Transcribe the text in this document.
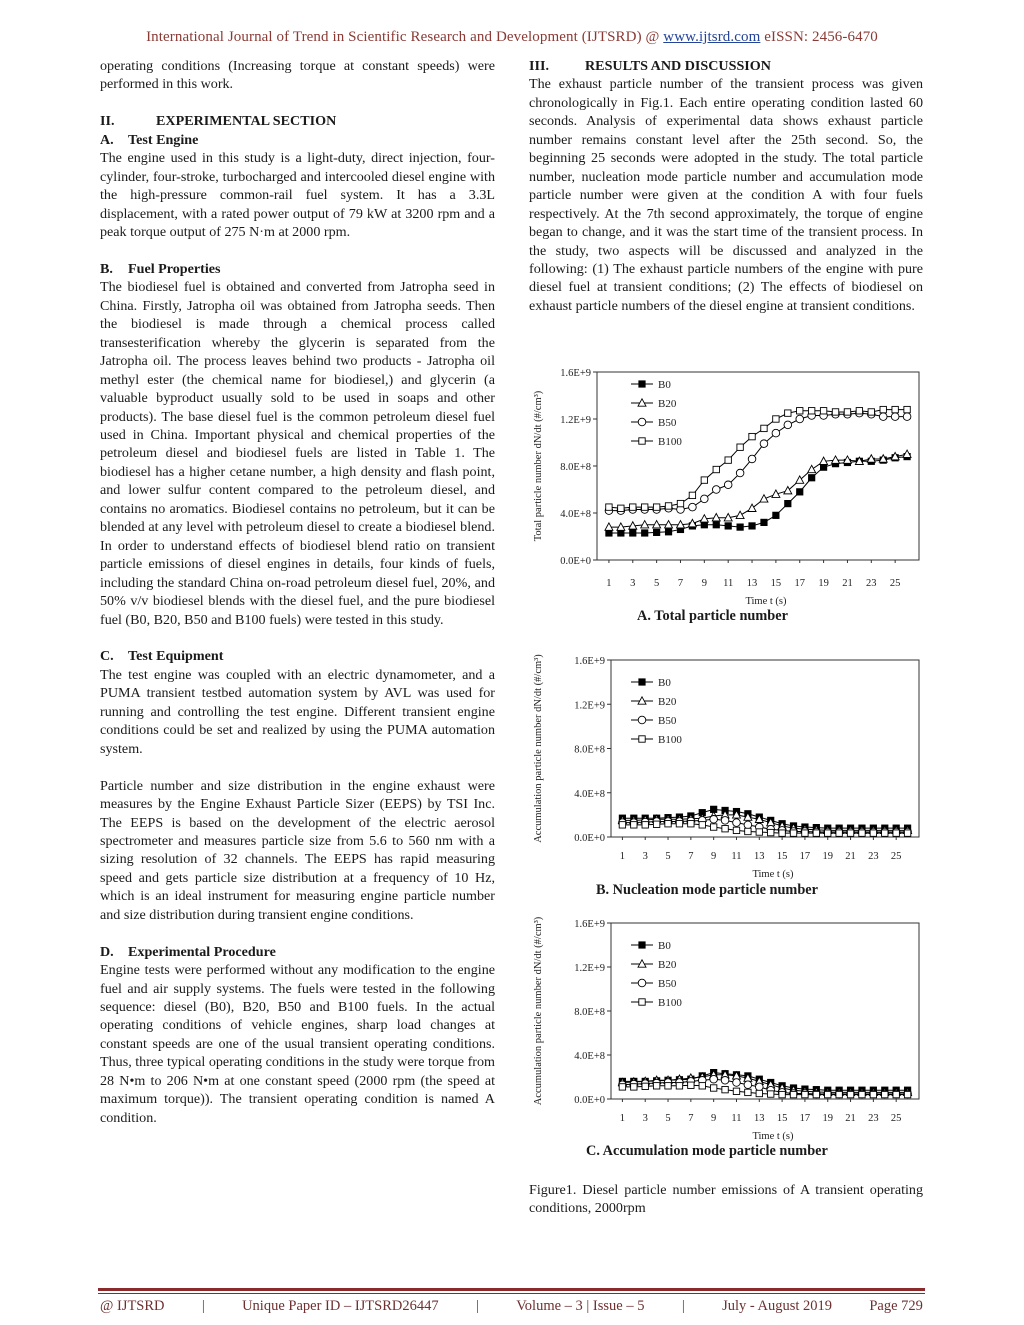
International Journal of Trend in Scientific Research and Development (IJTSRD) @ www.ijtsrd.com eISSN: 2456-6470

operating conditions (Increasing torque at constant speeds) were performed in this work.

II.	EXPERIMENTAL SECTION

A. Test Engine

The engine used in this study is a light-duty, direct injection, four-cylinder, four-stroke, turbocharged and intercooled diesel engine with the high-pressure common-rail fuel system. It has a 3.3L displacement, with a rated power output of 79 kW at 3200 rpm and a peak torque output of 275 N·m at 2000 rpm.

B. Fuel Properties

The biodiesel fuel is obtained and converted from Jatropha seed in China. Firstly, Jatropha oil was obtained from Jatropha seeds. Then the biodiesel is made through a chemical process called transesterification whereby the glycerin is separated from the Jatropha oil. The process leaves behind two products - Jatropha oil methyl ester (the chemical name for biodiesel,) and glycerin (a valuable byproduct usually sold to be used in soaps and other products). The base diesel fuel is the common petroleum diesel fuel used in China. Important physical and chemical properties of the petroleum diesel and biodiesel fuels are listed in Table 1. The biodiesel has a higher cetane number, a high density and flash point, and lower sulfur content compared to the petroleum diesel, and contains no aromatics. Biodiesel contains no petroleum, but it can be blended at any level with petroleum diesel to create a biodiesel blend. In order to understand effects of biodiesel blend ratio on transient particle emissions of diesel engines in details, four kinds of fuels, including the standard China on-road petroleum diesel fuel, 20%, and 50% v/v biodiesel blends with the diesel fuel, and the pure biodiesel fuel (B0, B20, B50 and B100 fuels) were tested in this study.

C. Test Equipment

The test engine was coupled with an electric dynamometer, and a PUMA transient testbed automation system by AVL was used for running and controlling the test engine. Different transient engine conditions could be set and realized by using the PUMA automation system.

Particle number and size distribution in the engine exhaust were measures by the Engine Exhaust Particle Sizer (EEPS) by TSI Inc. The EEPS is based on the development of the electric aerosol spectrometer and measures particle size from 5.6 to 560 nm with a sizing resolution of 32 channels. The EEPS has rapid measuring speed and gets particle size distribution at a frequency of 10 Hz, which is an ideal instrument for measuring engine particle number and size distribution during transient engine conditions.

D. Experimental Procedure

Engine tests were performed without any modification to the engine fuel and air supply systems. The fuels were tested in the following sequence: diesel (B0), B20, B50 and B100 fuels. In the actual operating conditions of vehicle engines, sharp load changes at constant speeds are one of the usual transient operating conditions. Thus, three typical operating conditions in the study were torque from 28 N•m to 206 N•m at one constant speed (2000 rpm (the speed at maximum torque)). The transient operating condition is named A condition.

III.	RESULTS AND DISCUSSION

The exhaust particle number of the transient process was given chronologically in Fig.1. Each entire operating condition lasted 60 seconds. Analysis of experimental data shows exhaust particle number remains constant level after the 25th second. So, the beginning 25 seconds were adopted in the study. The total particle number, nucleation mode particle number and accumulation mode particle number were given at the condition A with four fuels respectively. At the 7th second approximately, the torque of engine began to change, and it was the start time of the transient process. In the study, two aspects will be discussed and analyzed in the following: (1) The exhaust particle numbers of the engine with pure diesel fuel at transient conditions; (2) The effects of biodiesel on exhaust particle numbers of the diesel engine at transient conditions.

0.0E+0
4.0E+8
8.0E+8
1.2E+9
1.6E+9
1 3 5 7 9 11 13 15 17 19 21 23 25
Time t (s)
Total particle number dN/dt (#/cm³)
B0
B20
B50
B100
A. Total particle number
0.0E+0
4.0E+8
8.0E+8
1.2E+9
1.6E+9
1 3 5 7 9 11 13 15 17 19 21 23 25
Time t (s)
Accumulation particle number dN/dt (#/cm³)	B0
B20
B50
B100
B. Nucleation mode particle number
0.0E+0
4.0E+8
8.0E+8
1.2E+9
1.6E+9
1 3 5 7 9 11 13 15 17 19 21 23 25
Time t (s)
Accumulation particle number dN/dt (#/cm³)	B0
B20
B50
B100
C. Accumulation mode particle number
Figure1. Diesel particle number emissions of A transient operating conditions, 2000rpm
@ IJTSRD	|	Unique Paper ID – IJTSRD26447	|	Volume – 3 | Issue – 5	|	July - August 2019	Page 729
